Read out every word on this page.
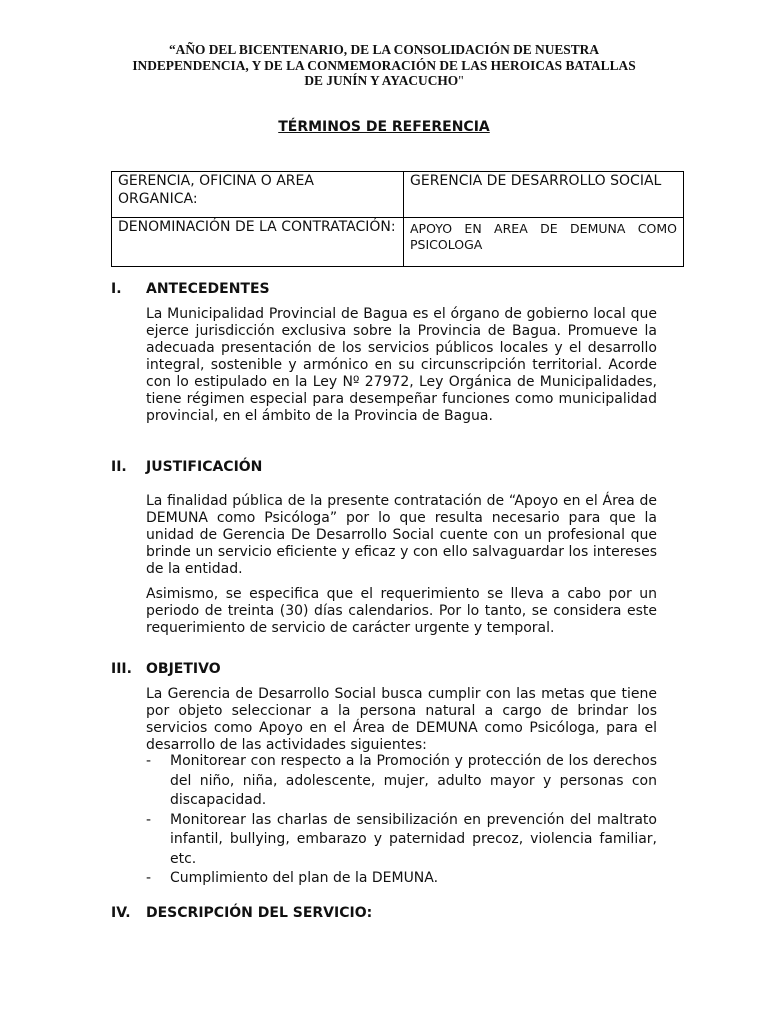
“AÑO DEL BICENTENARIO, DE LA CONSOLIDACIÓN DE NUESTRA
INDEPENDENCIA, Y DE LA CONMEMORACIÓN DE LAS HEROICAS BATALLAS
DE JUNÍN Y AYACUCHO"
TÉRMINOS DE REFERENCIA
GERENCIA, OFICINA O AREA ORGANICA:	GERENCIA DE DESARROLLO SOCIAL
DENOMINACIÓN DE LA CONTRATACIÓN:	APOYO EN AREA DE DEMUNA COMO PSICOLOGA
I. ANTECEDENTES
La Municipalidad Provincial de Bagua es el órgano de gobierno local que ejerce jurisdicción exclusiva sobre la Provincia de Bagua. Promueve la adecuada presentación de los servicios públicos locales y el desarrollo integral, sostenible y armónico en su circunscripción territorial. Acorde con lo estipulado en la Ley Nº 27972, Ley Orgánica de Municipalidades, tiene régimen especial para desempeñar funciones como municipalidad provincial, en el ámbito de la Provincia de Bagua.
II. JUSTIFICACIÓN
La finalidad pública de la presente contratación de “Apoyo en el Área de DEMUNA como Psicóloga” por lo que resulta necesario para que la unidad de Gerencia De Desarrollo Social cuente con un profesional que brinde un servicio eficiente y eficaz y con ello salvaguardar los intereses de la entidad.
Asimismo, se especifica que el requerimiento se lleva a cabo por un periodo de treinta (30) días calendarios. Por lo tanto, se considera este requerimiento de servicio de carácter urgente y temporal.
III. OBJETIVO
La Gerencia de Desarrollo Social busca cumplir con las metas que tiene por objeto seleccionar a la persona natural a cargo de brindar los servicios como Apoyo en el Área de DEMUNA como Psicóloga, para el desarrollo de las actividades siguientes:
- Monitorear con respecto a la Promoción y protección de los derechos del niño, niña, adolescente, mujer, adulto mayor y personas con discapacidad.
- Monitorear las charlas de sensibilización en prevención del maltrato infantil, bullying, embarazo y paternidad precoz, violencia familiar, etc.
- Cumplimiento del plan de la DEMUNA.
IV. DESCRIPCIÓN DEL SERVICIO:
